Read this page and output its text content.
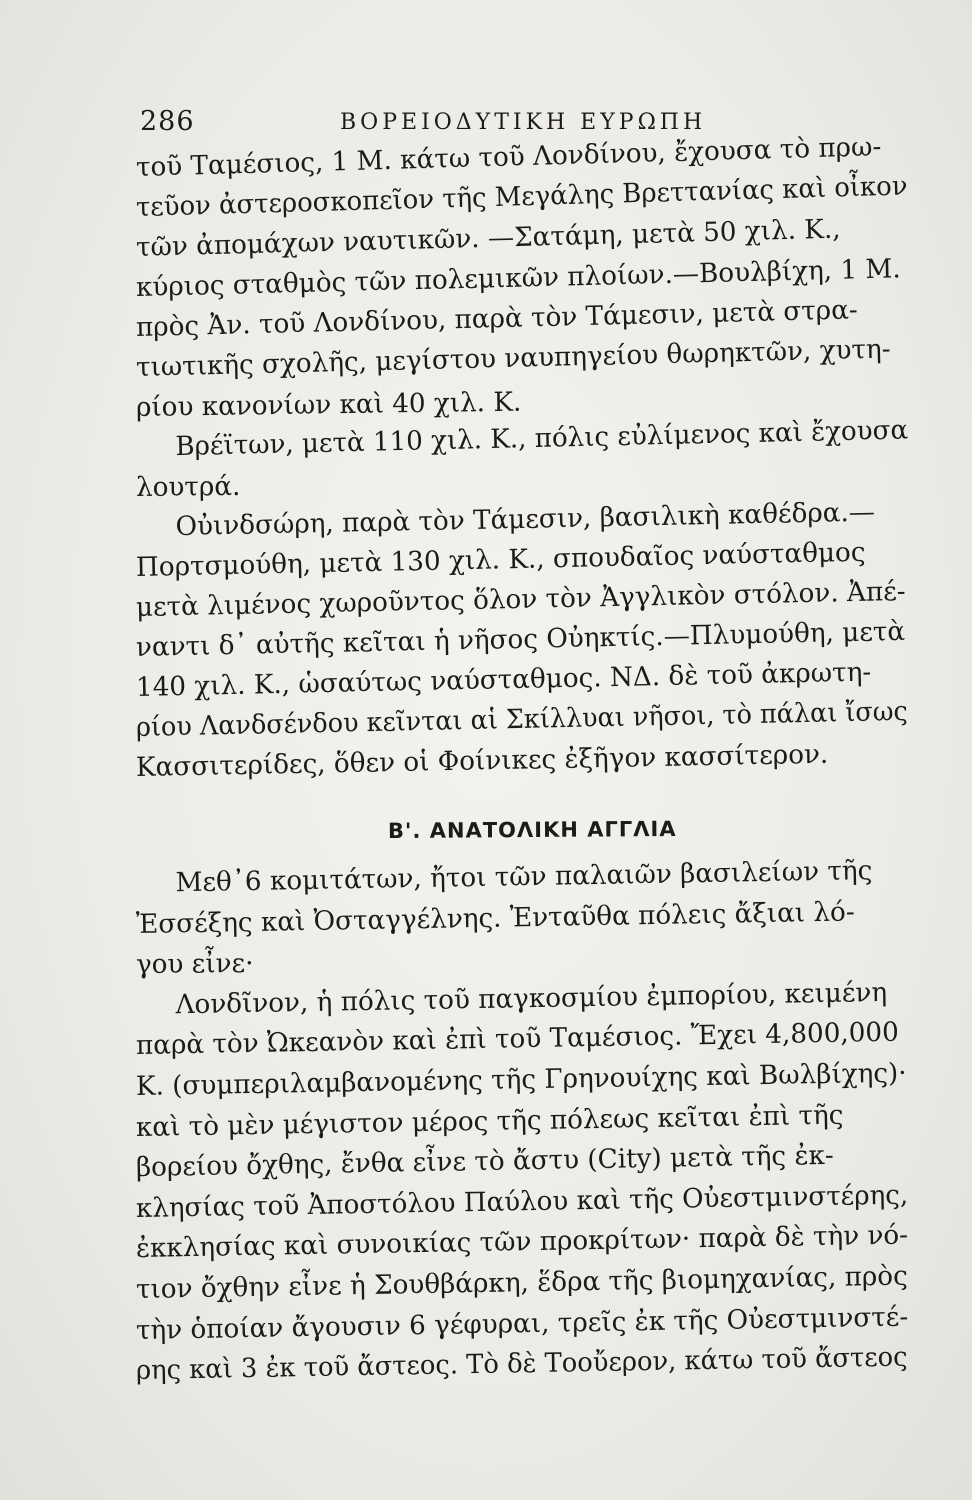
286	ΒΟΡΕΙΟΔΥΤΙΚΗ ΕΥΡΩΠΗ
τοῦ Ταμέσιος, 1 Μ. κάτω τοῦ Λονδίνου, ἔχουσα τὸ πρω-
τεῦον ἀστεροσκοπεῖον τῆς Μεγάλης Βρεττανίας καὶ οἶκον
τῶν ἀπομάχων ναυτικῶν. —Σατάμη, μετὰ 50 χιλ. Κ.,
κύριος σταθμὸς τῶν πολεμικῶν πλοίων.—Βουλβίχη, 1 Μ.
πρὸς Ἀν. τοῦ Λονδίνου, παρὰ τὸν Τάμεσιν, μετὰ στρα-
τιωτικῆς σχολῆς, μεγίστου ναυπηγείου θωρηκτῶν, χυτη-
ρίου κανονίων καὶ 40 χιλ. Κ.
Βρέϊτων, μετὰ 110 χιλ. Κ., πόλις εὐλίμενος καὶ ἔχουσα
λουτρά.
Οὐινδσώρη, παρὰ τὸν Τάμεσιν, βασιλικὴ καθέδρα.—
Πορτσμούθη, μετὰ 130 χιλ. Κ., σπουδαῖος ναύσταθμος
μετὰ λιμένος χωροῦντος ὅλον τὸν Ἀγγλικὸν στόλον. Ἀπέ-
ναντι δ᾽ αὐτῆς κεῖται ἡ νῆσος Οὐηκτίς.—Πλυμούθη, μετὰ
140 χιλ. Κ., ὡσαύτως ναύσταθμος. ΝΔ. δὲ τοῦ ἀκρωτη-
ρίου Λανδσένδου κεῖνται αἱ Σκίλλυαι νῆσοι, τὸ πάλαι ἴσως
Κασσιτερίδες, ὅθεν οἱ Φοίνικες ἐξῆγον κασσίτερον.
Β'. ΑΝΑΤΟΛΙΚΗ ΑΓΓΛΙΑ
Μεθ᾽6 κομιτάτων, ἤτοι τῶν παλαιῶν βασιλείων τῆς
Ἐσσέξης καὶ Ὀσταγγέλνης. Ἐνταῦθα πόλεις ἄξιαι λό-
γου εἶνε·
Λονδῖνον, ἡ πόλις τοῦ παγκοσμίου ἐμπορίου, κειμένη
παρὰ τὸν Ὠκεανὸν καὶ ἐπὶ τοῦ Ταμέσιος. Ἔχει 4,800,000
Κ. (συμπεριλαμβανομένης τῆς Γρηνουίχης καὶ Βωλβίχης)·
καὶ τὸ μὲν μέγιστον μέρος τῆς πόλεως κεῖται ἐπὶ τῆς
βορείου ὄχθης, ἔνθα εἶνε τὸ ἄστυ (City) μετὰ τῆς ἐκ-
κλησίας τοῦ Ἀποστόλου Παύλου καὶ τῆς Οὐεστμινστέρης,
ἐκκλησίας καὶ συνοικίας τῶν προκρίτων· παρὰ δὲ τὴν νό-
τιον ὄχθην εἶνε ἡ Σουθβάρκη, ἕδρα τῆς βιομηχανίας, πρὸς
τὴν ὁποίαν ἄγουσιν 6 γέφυραι, τρεῖς ἐκ τῆς Οὐεστμινστέ-
ρης καὶ 3 ἐκ τοῦ ἄστεος. Τὸ δὲ Τοοὔερον, κάτω τοῦ ἄστεος
